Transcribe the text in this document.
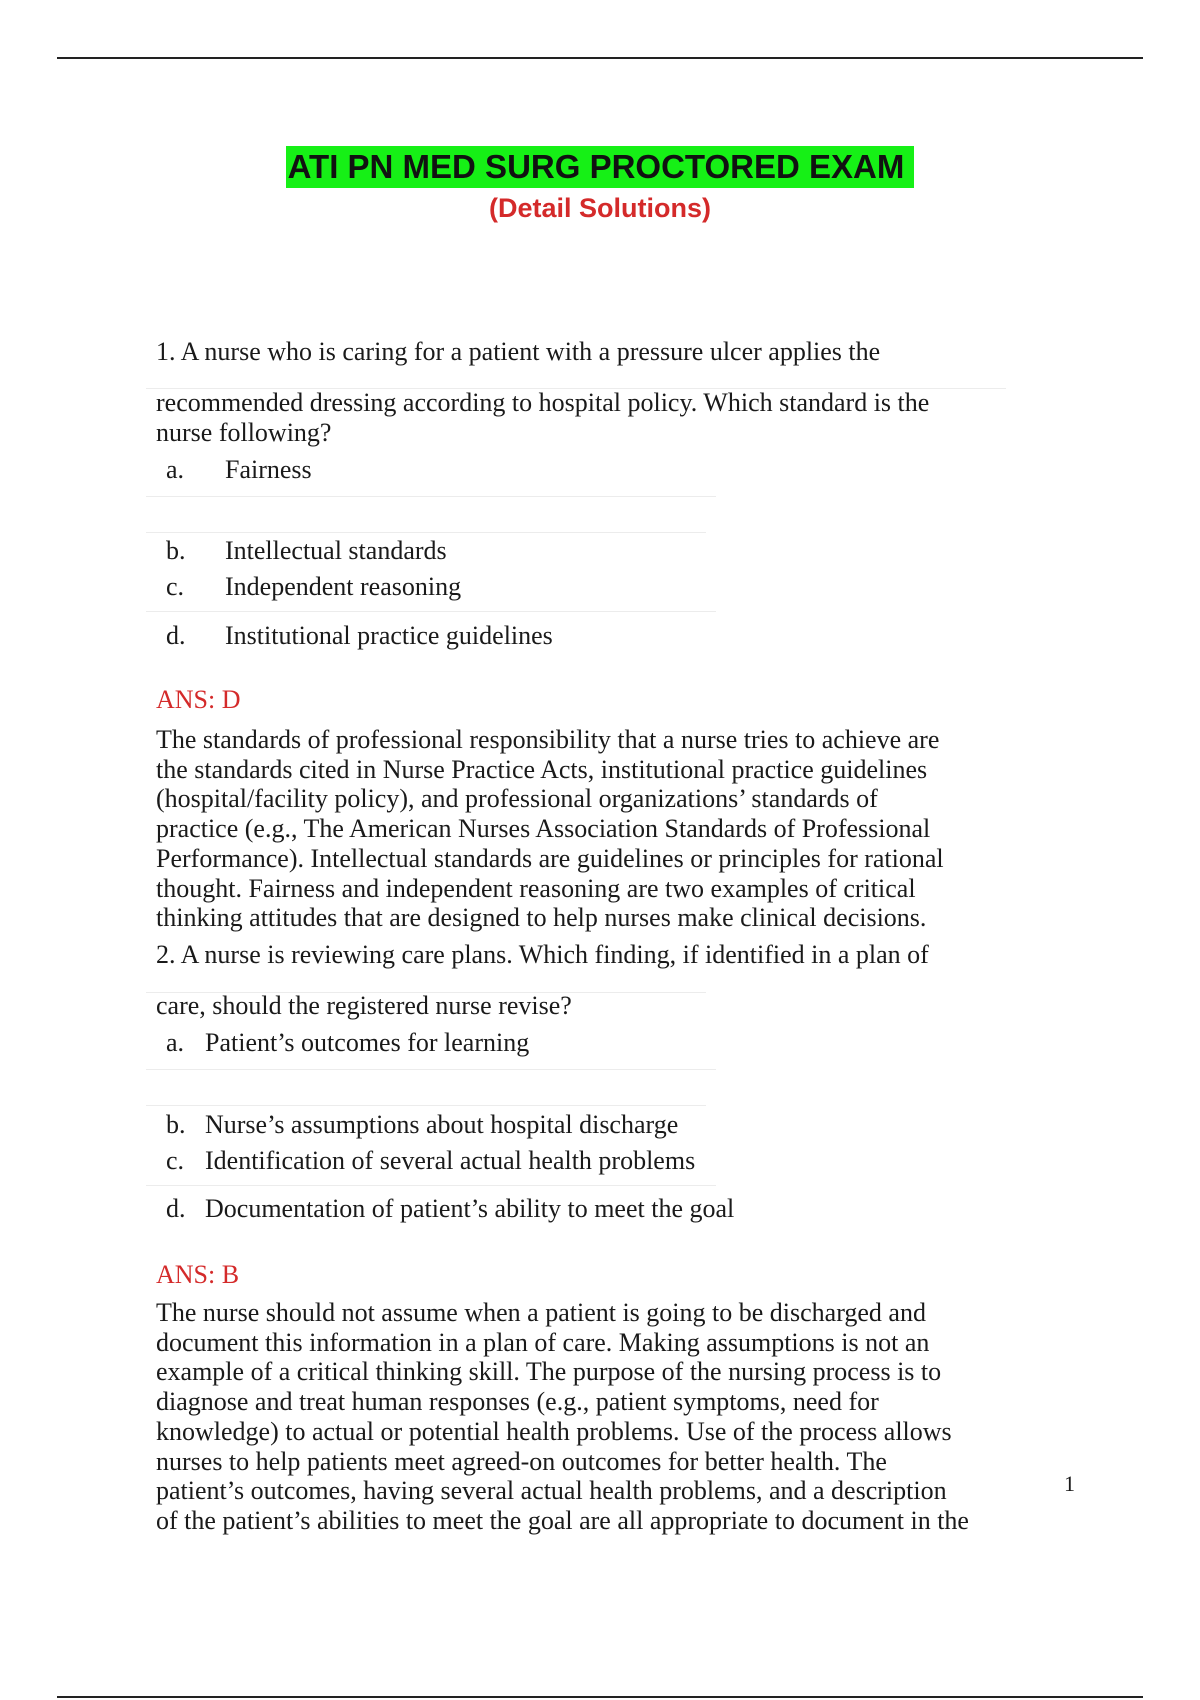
ATI PN MED SURG PROCTORED EXAM
(Detail Solutions)
1. A nurse who is caring for a patient with a pressure ulcer applies the
recommended dressing according to hospital policy. Which standard is the
nurse following?
a. Fairness
b. Intellectual standards
c. Independent reasoning
d. Institutional practice guidelines
ANS: D
The standards of professional responsibility that a nurse tries to achieve are
the standards cited in Nurse Practice Acts, institutional practice guidelines
(hospital/facility policy), and professional organizations’ standards of
practice (e.g., The American Nurses Association Standards of Professional
Performance). Intellectual standards are guidelines or principles for rational
thought. Fairness and independent reasoning are two examples of critical
thinking attitudes that are designed to help nurses make clinical decisions.
2. A nurse is reviewing care plans. Which finding, if identified in a plan of
care, should the registered nurse revise?
a. Patient’s outcomes for learning
b. Nurse’s assumptions about hospital discharge
c. Identification of several actual health problems
d. Documentation of patient’s ability to meet the goal
ANS: B
The nurse should not assume when a patient is going to be discharged and
document this information in a plan of care. Making assumptions is not an
example of a critical thinking skill. The purpose of the nursing process is to
diagnose and treat human responses (e.g., patient symptoms, need for
knowledge) to actual or potential health problems. Use of the process allows
nurses to help patients meet agreed-on outcomes for better health. The
patient’s outcomes, having several actual health problems, and a description
of the patient’s abilities to meet the goal are all appropriate to document in the
1
